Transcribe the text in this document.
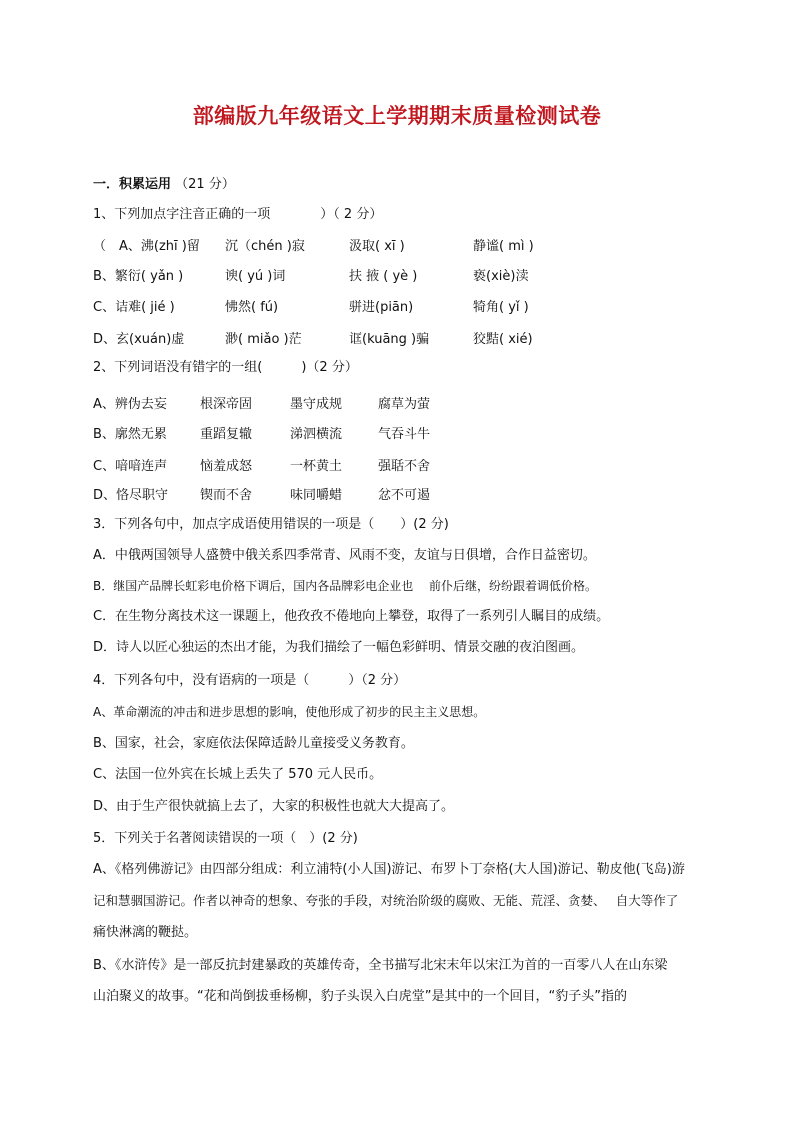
部编版九年级语文上学期期末质量检测试卷
一．积累运用 （21 分）
1、下列加点字注音正确的一项	）（ 2 分）
（　A、沸(zhī )留 沉（chén )寂	汲取( xī )	静谧( mì )
B、繁衍( yǎn )	谀( yú )词	扶 掖 ( yè )	亵(xiè)渎
C、诘难( jié )	怫然( fú)	骈进(piān)	犄角( yǐ )
D、玄(xuán)虚	渺( miǎo )茫	诓(kuāng )骗	狡黠( xié)
2、下列词语没有错字的一组(　　　)（2 分）
A、辨伪去妄	根深帝固	墨守成规	腐草为萤
B、廓然无累	重蹈复辙	涕泗横流	气吞斗牛
C、喑喑连声	恼羞成怒	一杯黄土	强聒不舍
D、恪尽职守 锲而不舍	味同嚼蜡	忿不可遏
3．下列各句中，加点字成语使用错误的一项是（　　）(2 分)
A．中俄两国领导人盛赞中俄关系四季常青、风雨不变，友谊与日俱增，合作日益密切。
B．继国产品牌长虹彩电价格下调后，国内各品牌彩电企业也　 前仆后继，纷纷跟着调低价格。
C．在生物分离技术这一课题上，他孜孜不倦地向上攀登，取得了一系列引人瞩目的成绩。
D．诗人以匠心独运的杰出才能，为我们描绘了一幅色彩鲜明、情景交融的夜泊图画。
4．下列各句中，没有语病的一项是（　　　）（2 分）
A、革命潮流的冲击和进步思想的影响，使他形成了初步的民主主义思想。
B、国家，社会，家庭依法保障适龄儿童接受义务教育。
C、法国一位外宾在长城上丢失了 570 元人民币。
D、由于生产很快就搞上去了，大家的积极性也就大大提高了。
5．下列关于名著阅读错误的一项（　）(2 分)
A、《格列佛游记》由四部分组成：利立浦特(小人国)游记、布罗卜丁奈格(大人国)游记、勒皮他(飞岛)游
记和慧骃国游记。作者以神奇的想象、夸张的手段，对统治阶级的腐败、无能、荒淫、贪婪、　 自大等作了
痛快淋漓的鞭挞。
B、《水浒传》是一部反抗封建暴政的英雄传奇，全书描写北宋末年以宋江为首的一百零八人在山东梁
山泊聚义的故事。“花和尚倒拔垂杨柳，豹子头误入白虎堂”是其中的一个回目，“豹子头”指的
